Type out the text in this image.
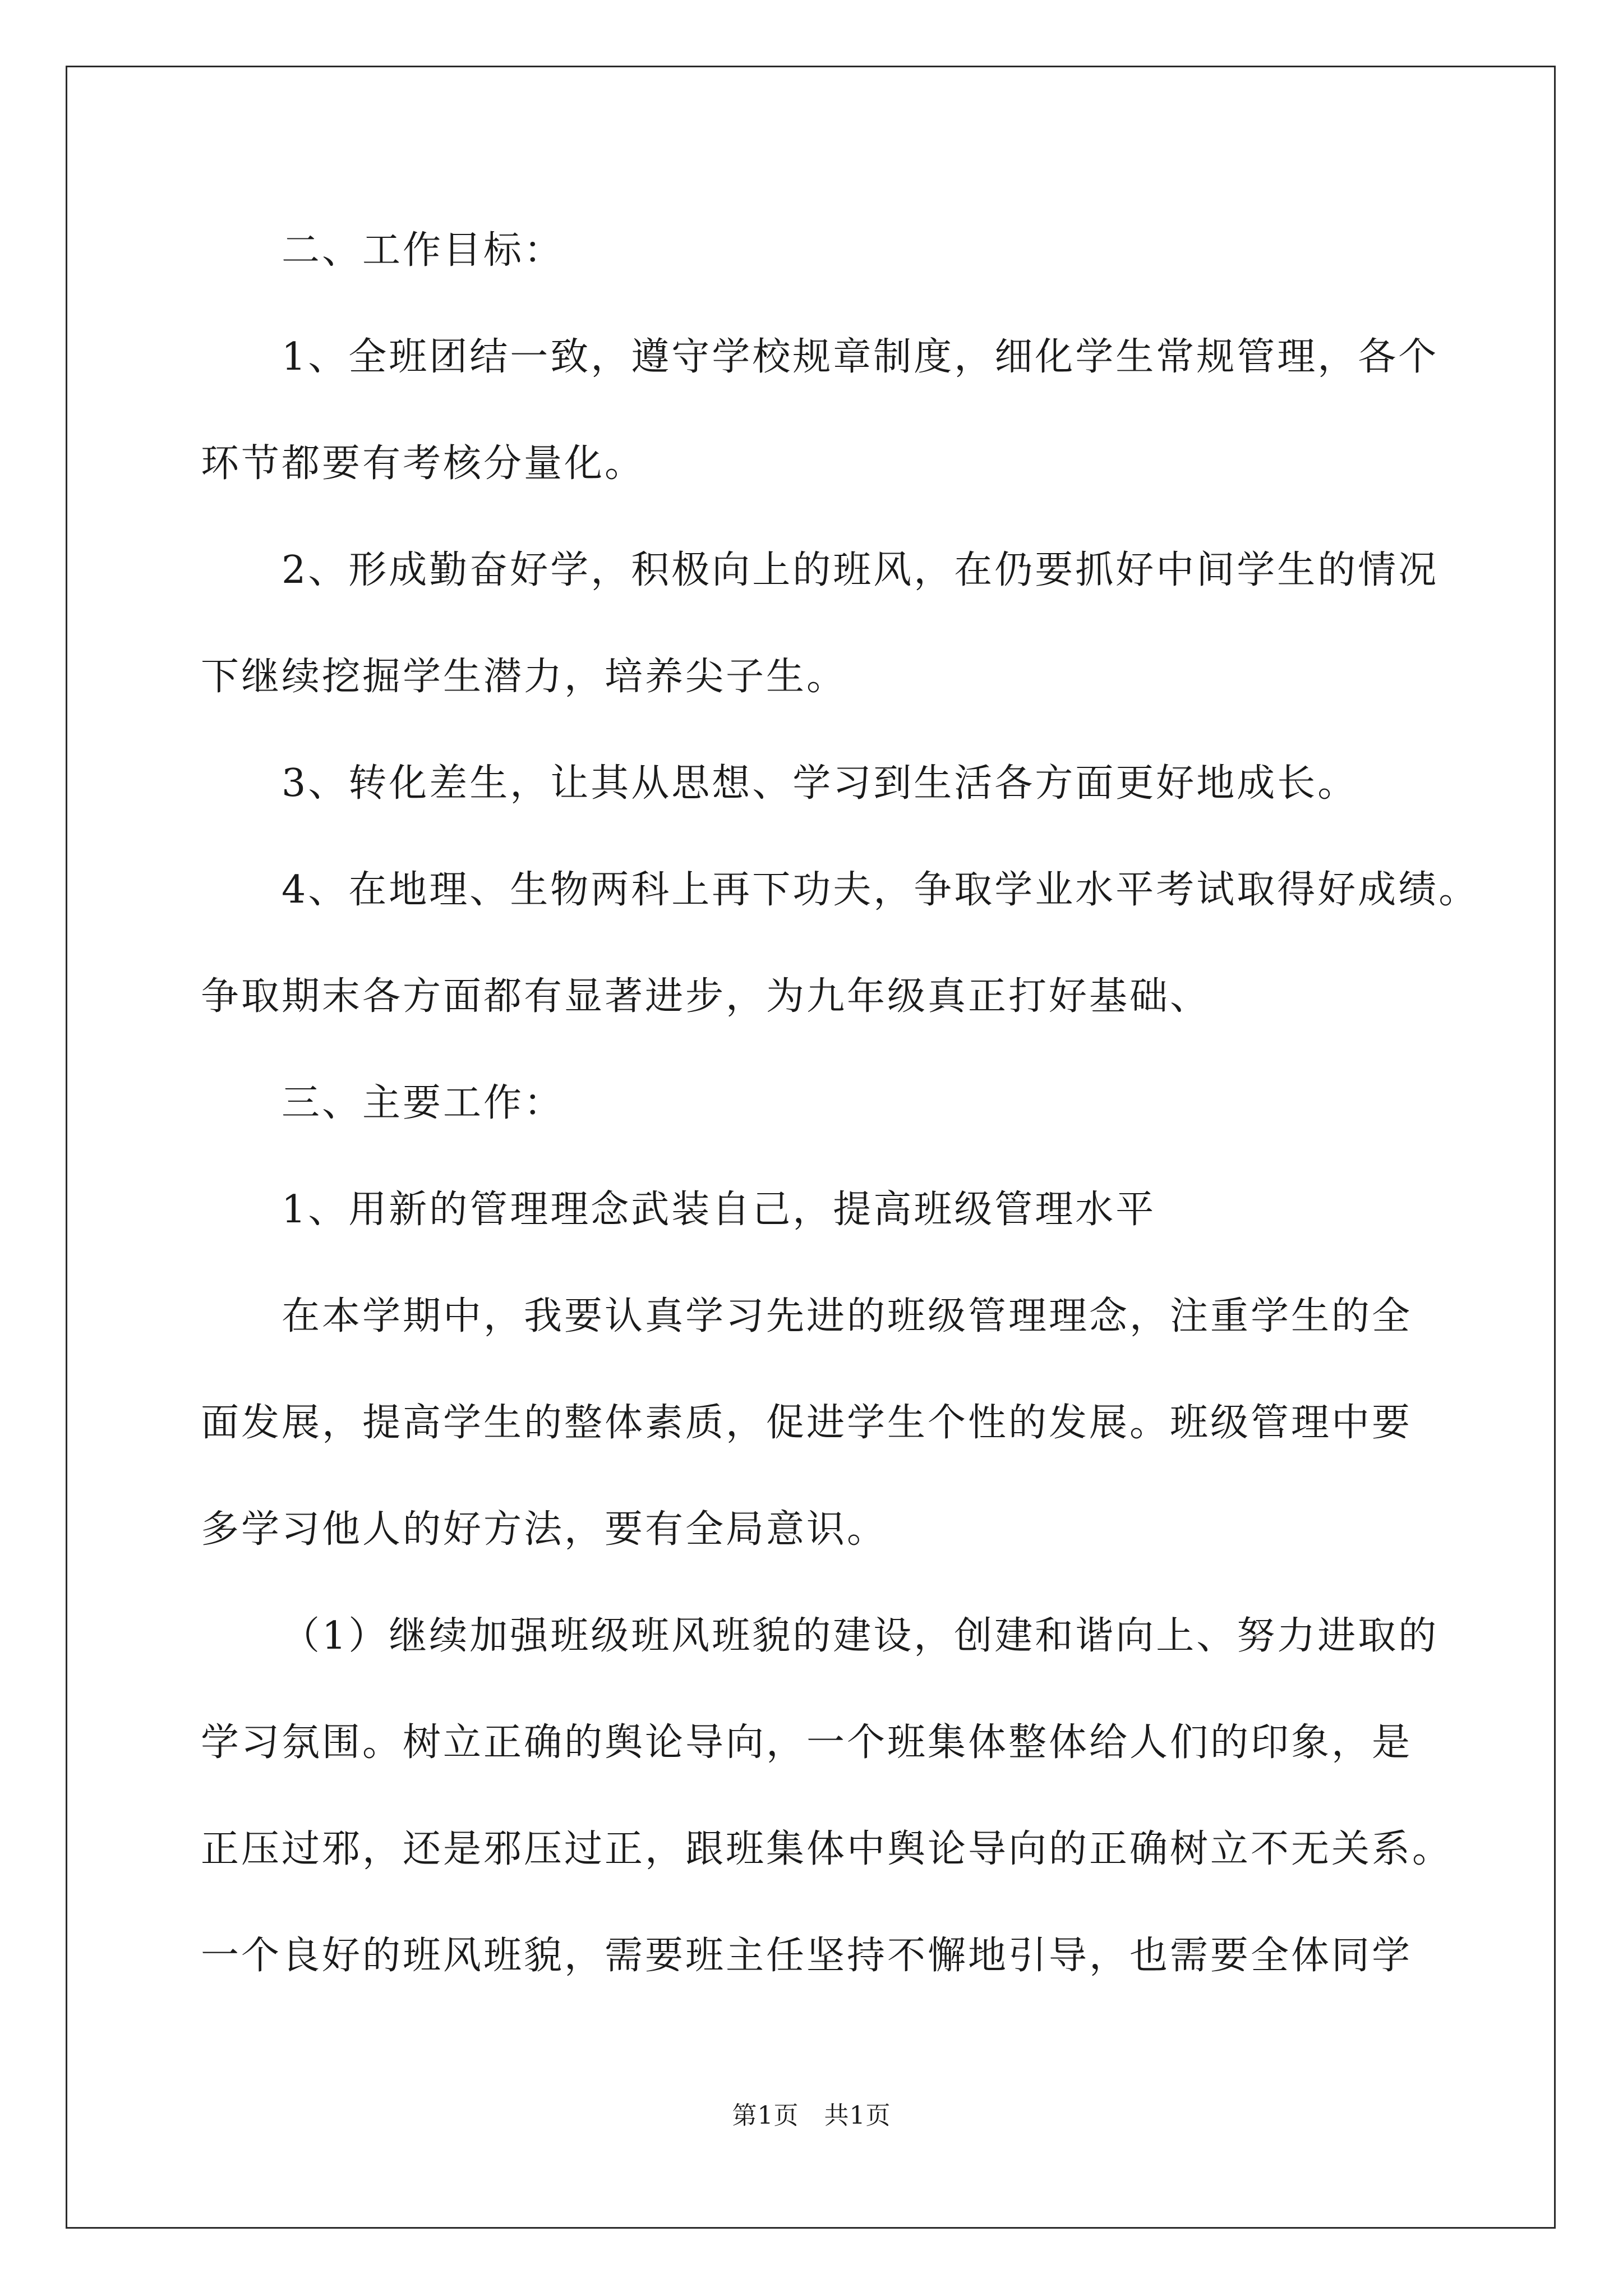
二、工作目标：
1、全班团结一致，遵守学校规章制度，细化学生常规管理，各个
环节都要有考核分量化。
2、形成勤奋好学，积极向上的班风，在仍要抓好中间学生的情况
下继续挖掘学生潜力，培养尖子生。
3、转化差生，让其从思想、学习到生活各方面更好地成长。
4、在地理、生物两科上再下功夫，争取学业水平考试取得好成绩。
争取期末各方面都有显著进步，为九年级真正打好基础、
三、主要工作：
1、用新的管理理念武装自己，提高班级管理水平
在本学期中，我要认真学习先进的班级管理理念，注重学生的全
面发展，提高学生的整体素质，促进学生个性的发展。班级管理中要
多学习他人的好方法，要有全局意识。
（1）继续加强班级班风班貌的建设，创建和谐向上、努力进取的
学习氛围。树立正确的舆论导向，一个班集体整体给人们的印象，是
正压过邪，还是邪压过正，跟班集体中舆论导向的正确树立不无关系。
一个良好的班风班貌，需要班主任坚持不懈地引导，也需要全体同学
第1页 共1页
